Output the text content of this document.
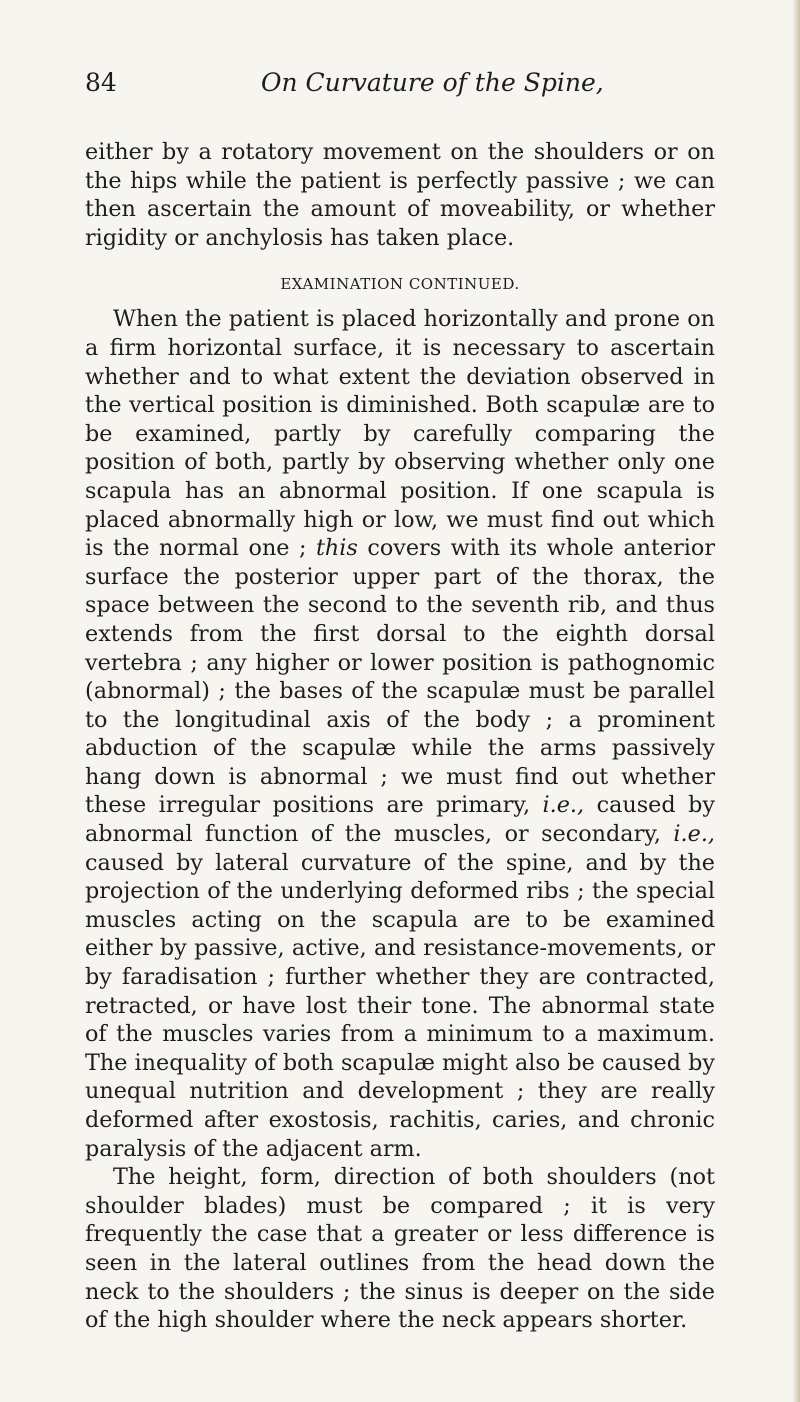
84	On Curvature of the Spine,

either by a rotatory movement on the shoulders or on the hips while the patient is perfectly passive ; we can then ascertain the amount of moveability, or whether rigidity or anchylosis has taken place.

EXAMINATION CONTINUED.

When the patient is placed horizontally and prone on a firm horizontal surface, it is necessary to ascertain whether and to what extent the deviation observed in the vertical position is diminished. Both scapulæ are to be examined, partly by carefully comparing the position of both, partly by observing whether only one scapula has an abnormal position. If one scapula is placed abnormally high or low, we must find out which is the normal one ; this covers with its whole anterior surface the posterior upper part of the thorax, the space between the second to the seventh rib, and thus extends from the first dorsal to the eighth dorsal vertebra ; any higher or lower position is pathognomic (abnormal) ; the bases of the scapulæ must be parallel to the longitudinal axis of the body ; a prominent abduction of the scapulæ while the arms passively hang down is abnormal ; we must find out whether these irregular positions are primary, i.e., caused by abnormal function of the muscles, or secondary, i.e., caused by lateral curvature of the spine, and by the projection of the underlying deformed ribs ; the special muscles acting on the scapula are to be examined either by passive, active, and resistance-movements, or by faradisation ; further whether they are contracted, retracted, or have lost their tone. The abnormal state of the muscles varies from a minimum to a maximum. The inequality of both scapulæ might also be caused by unequal nutrition and development ; they are really deformed after exostosis, rachitis, caries, and chronic paralysis of the adjacent arm.

The height, form, direction of both shoulders (not shoulder blades) must be compared ; it is very frequently the case that a greater or less difference is seen in the lateral outlines from the head down the neck to the shoulders ; the sinus is deeper on the side of the high shoulder where the neck appears shorter.
